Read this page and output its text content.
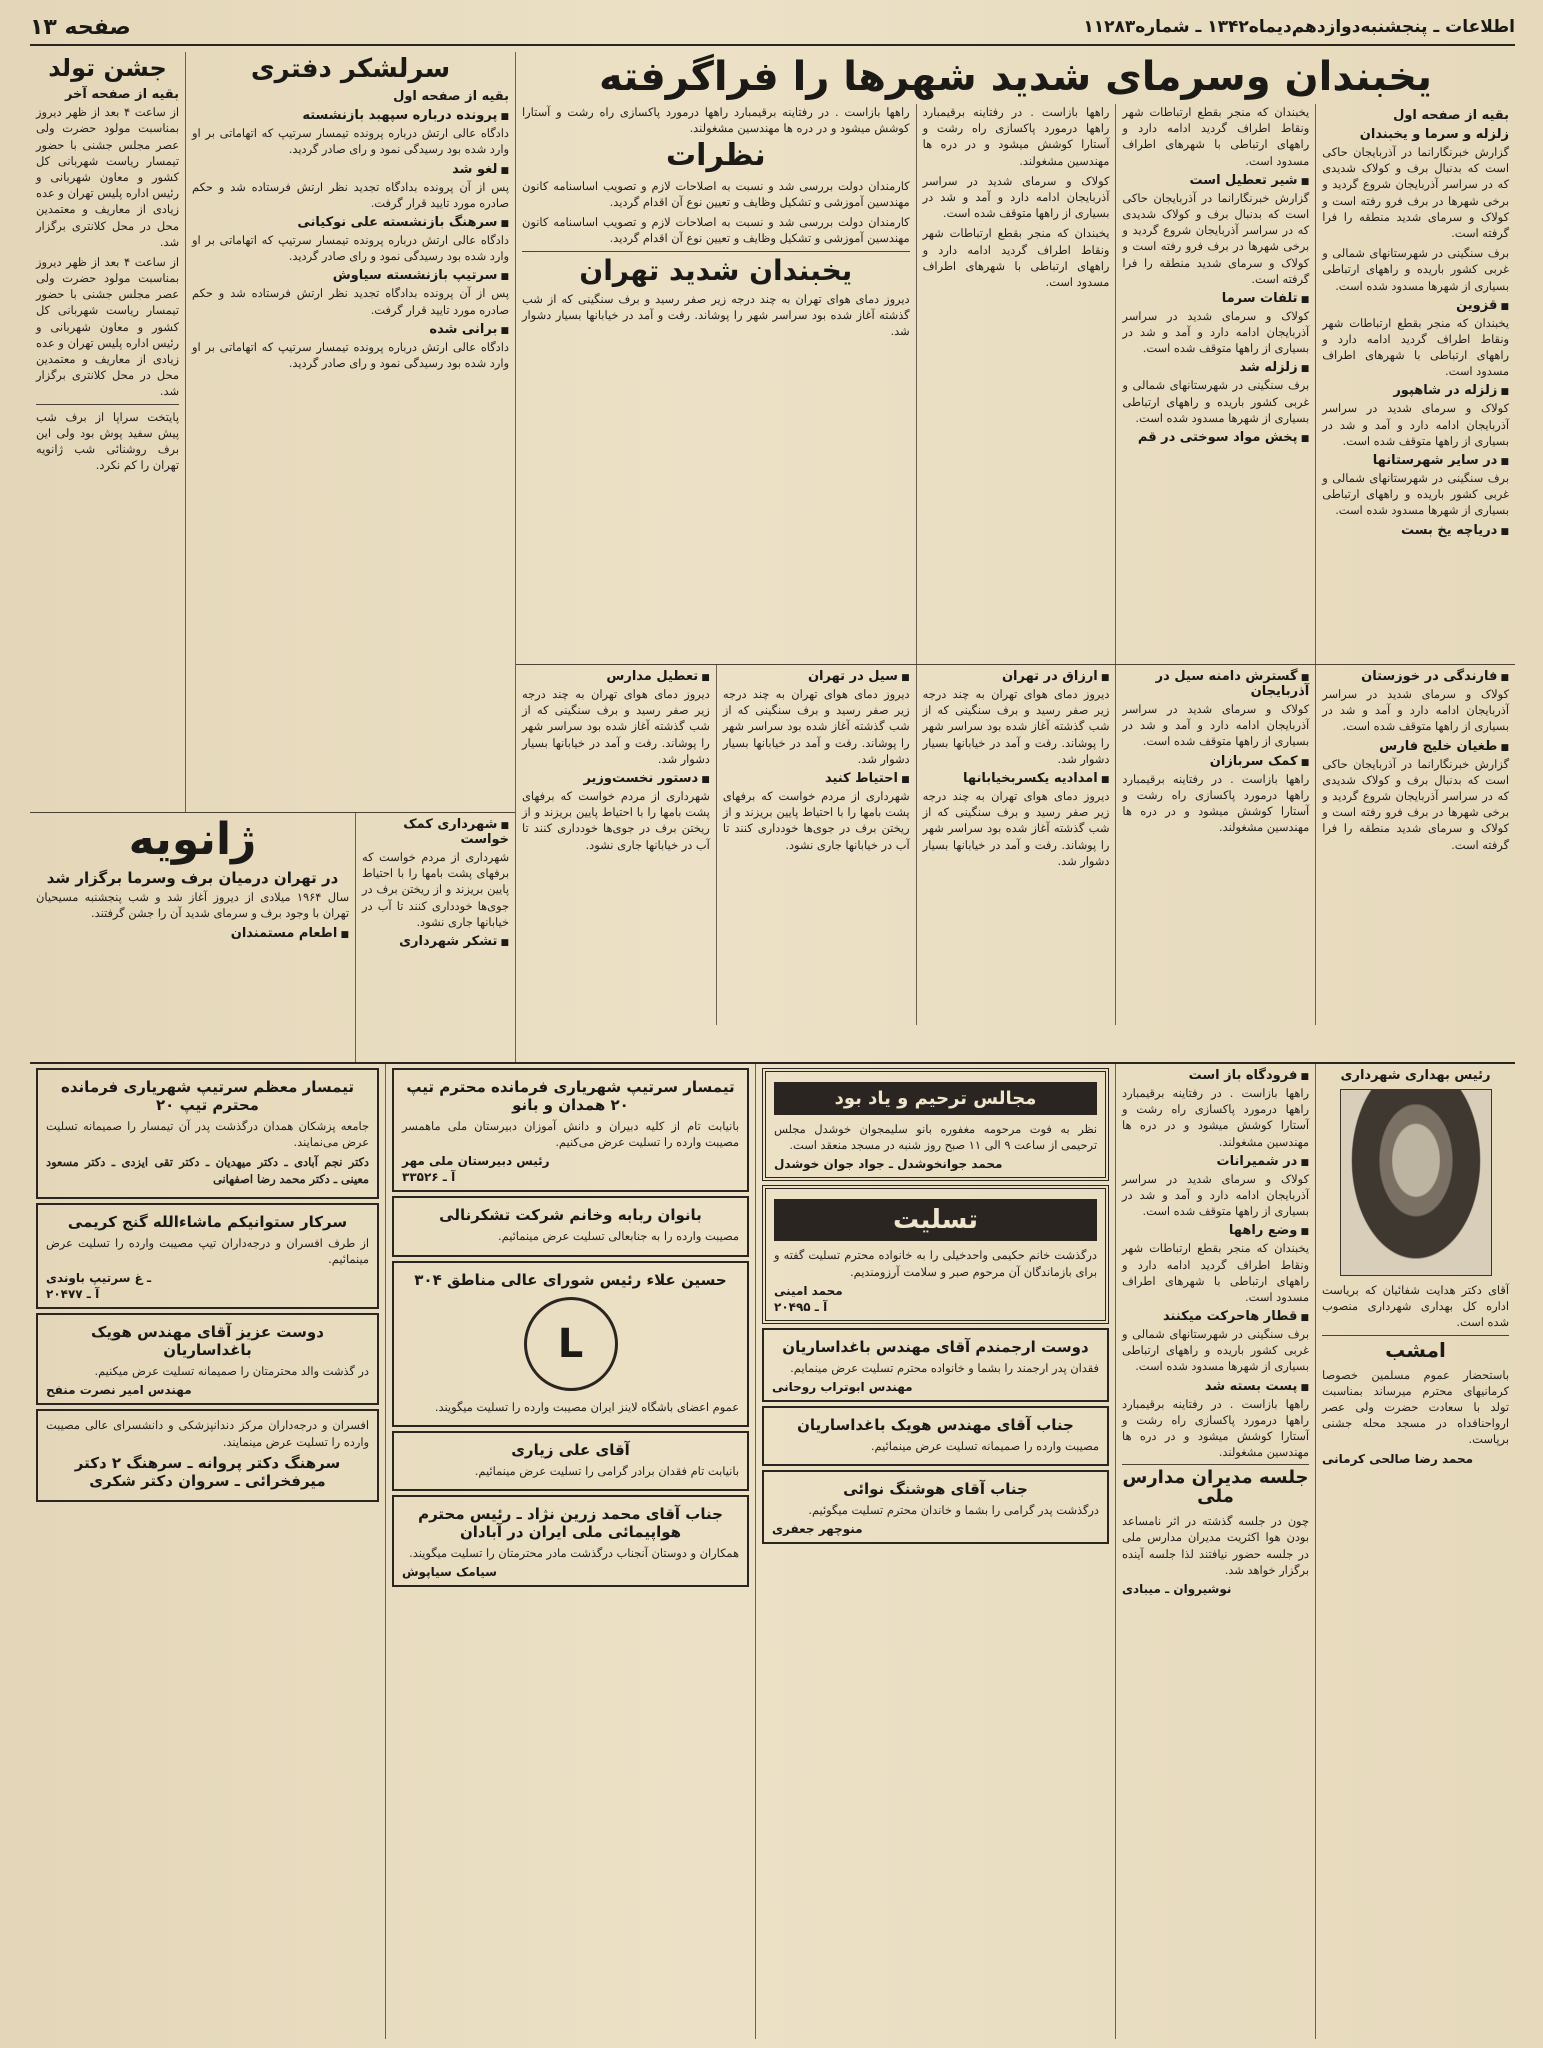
اطلاعات ـ پنجشنبه‌دوازدهم‌دیماه۱۳۴۲ ـ شماره۱۱۲۸۳
صفحه ۱۳
یخبندان وسرمای شدید شهرها را فراگرفته
بقیه از صفحه اول
زلزله و سرما و یخبندان

گزارش خبرنگارانما در آذربایجان حاکی است که بدنبال برف و کولاک شدیدی که در سراسر آذربایجان شروع گردید و برخی شهرها در برف فرو رفته است و کولاک و سرمای شدید منطقه را فرا گرفته است.

برف سنگینی در شهرستانهای شمالی و غربی کشور باریده و راههای ارتباطی بسیاری از شهرها مسدود شده است.

■ قزوین

یخبندان که منجر بقطع ارتباطات شهر ونقاط اطراف گردید ادامه دارد و راههای ارتباطی با شهرهای اطراف مسدود است.

■ زلزله در شاهپور

کولاک و سرمای شدید در سراسر آذربایجان ادامه دارد و آمد و شد در بسیاری از راهها متوقف شده است.

■ در سایر شهرستانها

برف سنگینی در شهرستانهای شمالی و غربی کشور باریده و راههای ارتباطی بسیاری از شهرها مسدود شده است.

■ دریاچه یخ بست

یخبندان که منجر بقطع ارتباطات شهر ونقاط اطراف گردید ادامه دارد و راههای ارتباطی با شهرهای اطراف مسدود است.

■ شیر تعطیل است

گزارش خبرنگارانما در آذربایجان حاکی است که بدنبال برف و کولاک شدیدی که در سراسر آذربایجان شروع گردید و برخی شهرها در برف فرو رفته است و کولاک و سرمای شدید منطقه را فرا گرفته است.

■ تلفات سرما

کولاک و سرمای شدید در سراسر آذربایجان ادامه دارد و آمد و شد در بسیاری از راهها متوقف شده است.

■ زلزله شد

برف سنگینی در شهرستانهای شمالی و غربی کشور باریده و راههای ارتباطی بسیاری از شهرها مسدود شده است.

■ پخش مواد سوختی در قم

راهها بازاست . در رفتاینه برقیمبارد راهها درمورد پاکسازی راه رشت و آستارا کوشش میشود و در دره ها مهندسین مشغولند.

کولاک و سرمای شدید در سراسر آذربایجان ادامه دارد و آمد و شد در بسیاری از راهها متوقف شده است.

یخبندان که منجر بقطع ارتباطات شهر ونقاط اطراف گردید ادامه دارد و راههای ارتباطی با شهرهای اطراف مسدود است.

راهها بازاست . در رفتاینه برقیمبارد راهها درمورد پاکسازی راه رشت و آستارا کوشش میشود و در دره ها مهندسین مشغولند.

نظرات

کارمندان دولت بررسی شد و نسبت به اصلاحات لازم و تصویب اساسنامه کانون مهندسین آموزشی و تشکیل وظایف و تعیین نوع آن اقدام گردید.

کارمندان دولت بررسی شد و نسبت به اصلاحات لازم و تصویب اساسنامه کانون مهندسین آموزشی و تشکیل وظایف و تعیین نوع آن اقدام گردید.

یخبندان شدید تهران

دیروز دمای هوای تهران به چند درجه زیر صفر رسید و برف سنگینی که از شب گذشته آغاز شده بود سراسر شهر را پوشاند. رفت و آمد در خیابانها بسیار دشوار شد.

■ فارندگی در خوزستان

کولاک و سرمای شدید در سراسر آذربایجان ادامه دارد و آمد و شد در بسیاری از راهها متوقف شده است.

■ طغیان خلیج فارس

گزارش خبرنگارانما در آذربایجان حاکی است که بدنبال برف و کولاک شدیدی که در سراسر آذربایجان شروع گردید و برخی شهرها در برف فرو رفته است و کولاک و سرمای شدید منطقه را فرا گرفته است.

■ گسترش دامنه سیل در آذربایجان

کولاک و سرمای شدید در سراسر آذربایجان ادامه دارد و آمد و شد در بسیاری از راهها متوقف شده است.

■ کمک سربازان

راهها بازاست . در رفتاینه برقیمبارد راهها درمورد پاکسازی راه رشت و آستارا کوشش میشود و در دره ها مهندسین مشغولند.

■ ارزاق در تهران

دیروز دمای هوای تهران به چند درجه زیر صفر رسید و برف سنگینی که از شب گذشته آغاز شده بود سراسر شهر را پوشاند. رفت و آمد در خیابانها بسیار دشوار شد.

■ امدادیه ‌یکسربخیابانها

دیروز دمای هوای تهران به چند درجه زیر صفر رسید و برف سنگینی که از شب گذشته آغاز شده بود سراسر شهر را پوشاند. رفت و آمد در خیابانها بسیار دشوار شد.

■ سیل در تهران

دیروز دمای هوای تهران به چند درجه زیر صفر رسید و برف سنگینی که از شب گذشته آغاز شده بود سراسر شهر را پوشاند. رفت و آمد در خیابانها بسیار دشوار شد.

■ احتیاط کنید

شهرداری از مردم خواست که برفهای پشت بامها را با احتیاط پایین بریزند و از ریختن برف در جوی‌ها خودداری کنند تا آب در خیابانها جاری نشود.

■ تعطیل مدارس

دیروز دمای هوای تهران به چند درجه زیر صفر رسید و برف سنگینی که از شب گذشته آغاز شده بود سراسر شهر را پوشاند. رفت و آمد در خیابانها بسیار دشوار شد.

■ دستور نخست‌وزیر

شهرداری از مردم خواست که برفهای پشت بامها را با احتیاط پایین بریزند و از ریختن برف در جوی‌ها خودداری کنند تا آب در خیابانها جاری نشود.

سرلشکر دفتری
بقیه از صفحه اول
■ پرونده درباره سپهبد بازنشسته

دادگاه عالی ارتش درباره پرونده تیمسار سرتیپ که اتهاماتی بر او وارد شده بود رسیدگی نمود و رای صادر گردید.

■ لغو شد

پس از آن پرونده بدادگاه تجدید نظر ارتش فرستاده شد و حکم صادره مورد تایید قرار گرفت.

■ سرهنگ بازنشسته علی نوکیانی

دادگاه عالی ارتش درباره پرونده تیمسار سرتیپ که اتهاماتی بر او وارد شده بود رسیدگی نمود و رای صادر گردید.

■ سرتیپ بازنشسته سیاوش

پس از آن پرونده بدادگاه تجدید نظر ارتش فرستاده شد و حکم صادره مورد تایید قرار گرفت.

■ برانی شده

دادگاه عالی ارتش درباره پرونده تیمسار سرتیپ که اتهاماتی بر او وارد شده بود رسیدگی نمود و رای صادر گردید.

جشن تولد
بقیه از صفحه آخر

از ساعت ۴ بعد از ظهر دیروز بمناسبت مولود حضرت ولی عصر مجلس جشنی با حضور تیمسار ریاست شهربانی کل کشور و معاون شهربانی و رئیس اداره پلیس تهران و عده زیادی از معاریف و معتمدین محل در محل کلانتری برگزار شد.

از ساعت ۴ بعد از ظهر دیروز بمناسبت مولود حضرت ولی عصر مجلس جشنی با حضور تیمسار ریاست شهربانی کل کشور و معاون شهربانی و رئیس اداره پلیس تهران و عده زیادی از معاریف و معتمدین محل در محل کلانتری برگزار شد.

پایتخت سراپا از برف شب پیش سفید پوش بود ولی این برف روشنائی شب ژانویه تهران را کم نکرد.

■ شهرداری کمک خواست

شهرداری از مردم خواست که برفهای پشت بامها را با احتیاط پایین بریزند و از ریختن برف در جوی‌ها خودداری کنند تا آب در خیابانها جاری نشود.

■ تشکر شهرداری
ژانویه
در تهران درمیان برف وسرما برگزار شد

سال ۱۹۶۴ میلادی از دیروز آغاز شد و شب پنجشنبه مسیحیان تهران با وجود برف و سرمای شدید آن را جشن گرفتند.

■ اطعام مستمندان
رئیس بهداری شهرداری

آقای دکتر هدایت شفائیان که بریاست اداره کل بهداری شهرداری منصوب شده است.

امشب

باستحضار عموم مسلمین خصوصا کرمانیهای محترم میرساند بمناسبت تولد با سعادت حضرت ولی عصر ارواحنافداه در مسجد محله جشنی برپاست.

محمد رضا صالحی کرمانی
■ فرودگاه باز است

راهها بازاست . در رفتاینه برقیمبارد راهها درمورد پاکسازی راه رشت و آستارا کوشش میشود و در دره ها مهندسین مشغولند.

■ در شمیرانات

کولاک و سرمای شدید در سراسر آذربایجان ادامه دارد و آمد و شد در بسیاری از راهها متوقف شده است.

■ وضع راهها

یخبندان که منجر بقطع ارتباطات شهر ونقاط اطراف گردید ادامه دارد و راههای ارتباطی با شهرهای اطراف مسدود است.

■ قطار هاحرکت میکنند

برف سنگینی در شهرستانهای شمالی و غربی کشور باریده و راههای ارتباطی بسیاری از شهرها مسدود شده است.

■ پست بسته‌ شد

راهها بازاست . در رفتاینه برقیمبارد راهها درمورد پاکسازی راه رشت و آستارا کوشش میشود و در دره ها مهندسین مشغولند.

جلسه مدیران مدارس ملی

چون در جلسه گذشته در اثر نامساعد بودن هوا اکثریت مدیران مدارس ملی در جلسه حضور نیافتند لذا جلسه آینده برگزار خواهد شد.

نوشیروان ـ میبادی
مجالس ترحیم و یاد بود

نظر به فوت مرحومه مغفوره بانو سلیمجوان خوشدل مجلس ترحیمی از ساعت ۹ الی ۱۱ صبح روز شنبه در مسجد منعقد است.

محمد جوانخوشدل ـ جواد جوان خوشدل
تسلیت

درگذشت خانم حکیمی واحدخیلی را به خانواده محترم تسلیت گفته و برای بازماندگان آن مرحوم صبر و سلامت آرزومندیم.

محمد امینی
آ ـ ۲۰۴۹۵
دوست ارجمندم آقای مهندس باغداساریان

فقدان پدر ارجمند را بشما و خانواده محترم تسلیت عرض مینمایم.

مهندس ابوتراب روحانی
جناب آقای مهندس هویک باغداساریان

مصیبت وارده را صمیمانه تسلیت عرض مینمائیم.

جناب آقای هوشنگ نوائی

درگذشت پدر گرامی را بشما و خاندان محترم تسلیت میگوئیم.

منوچهر جعفری
تیمسار سرتیپ شهریاری فرمانده محترم تیپ ۲۰ همدان و بانو

بانیابت تام از کلیه دبیران و دانش آموزان دبیرستان ملی ماهمسر مصیبت وارده را تسلیت عرض می‌کنیم.

رئیس دبیرستان ملی مهر
آ ـ ۳۳۵۲۶
بانوان ربابه وخانم‌ شرکت تشکرنالی

مصیبت وارده را به جنابعالی تسلیت عرض مینمائیم.

حسین علاء رئیس شورای عالی مناطق ۳۰۴
L

عموم اعضای باشگاه لاینز ایران مصیبت وارده را تسلیت میگویند.

آقای علی زیاری

بانیابت تام فقدان برادر گرامی را تسلیت عرض مینمائیم.

جناب آقای محمد زرین نژاد ـ رئیس محترم هواپیمائی ملی ایران در آبادان

همکاران و دوستان آنجناب درگذشت مادر محترمتان را تسلیت میگویند.

سیامک سیاپوش
تیمسار معظم سرتیپ شهریاری فرمانده محترم تیپ ۲۰

جامعه پزشکان همدان درگذشت پدر آن تیمسار را صمیمانه تسلیت عرض می‌نمایند.

دکتر نجم آبادی ـ دکتر میهدیان ـ دکتر تقی ایزدی ـ دکتر مسعود معینی ـ دکتر محمد رضا اصفهانی

سرکار ستوانیکم ماشاءالله گنج کریمی

از طرف افسران و درجه‌داران تیپ مصیبت وارده را تسلیت عرض مینمائیم.

ـ غ سرتیپ باوندی
آ ـ ۲۰۴۷۷
دوست عزیز آقای مهندس هویک باغداساریان

در گذشت والد محترمتان را صمیمانه تسلیت عرض میکنیم.

مهندس امیر نصرت منفح

افسران و درجه‌داران مرکز دندانپزشکی و دانشسرای عالی مصیبت وارده را تسلیت عرض مینمایند.

سرهنگ دکتر پروانه ـ سرهنگ ۲ دکتر میرفخرائی ـ سروان دکتر شکری
